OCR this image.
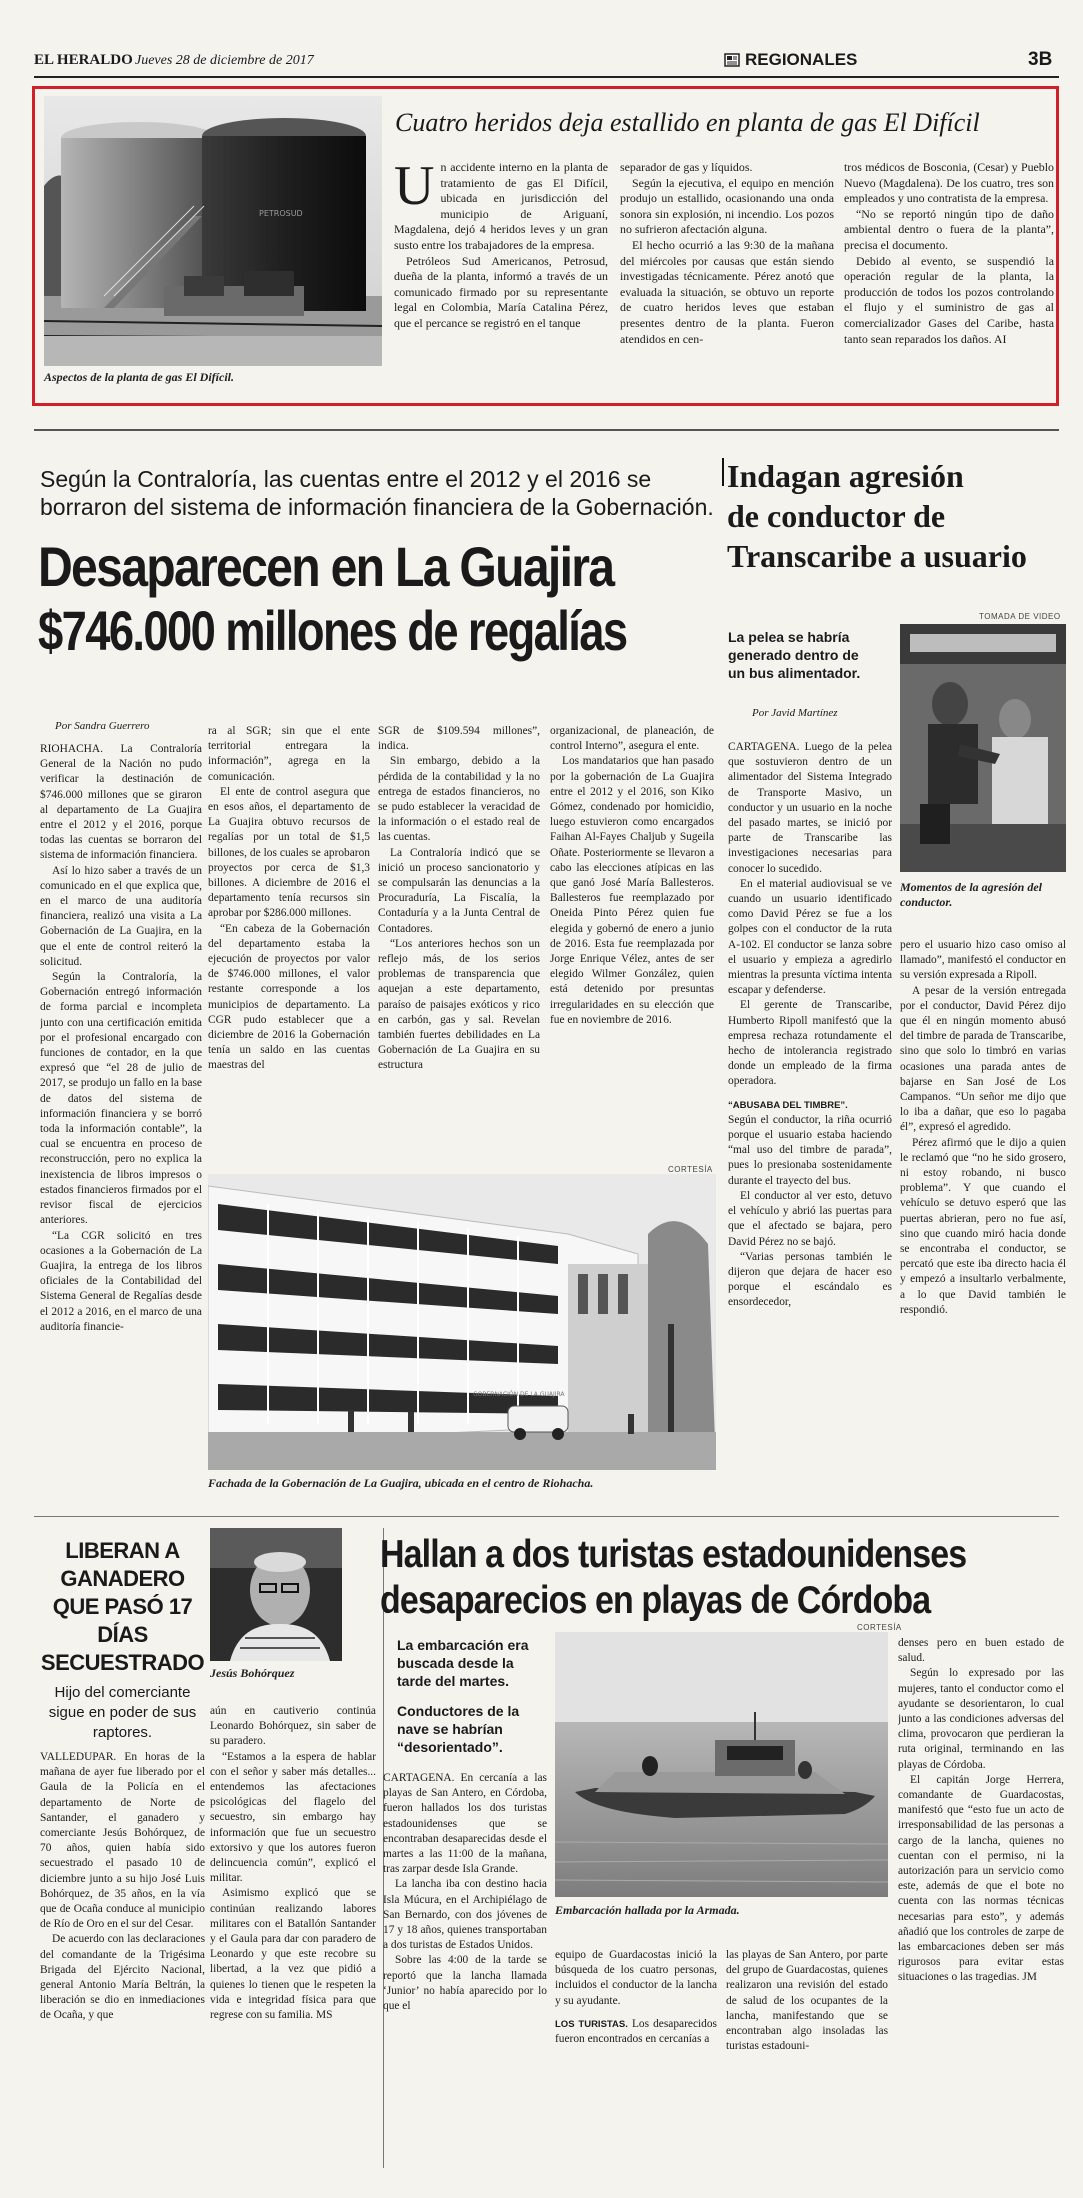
EL HERALDO Jueves 28 de diciembre de 2017	REGIONALES	3B
PETROSUD
Aspectos de la planta de gas El Difícil.
Cuatro heridos deja estallido en planta de gas El Difícil
U n accidente interno en la planta de tratamiento de gas El Difícil, ubicada en jurisdicción del municipio de Ariguaní, Magdalena, dejó 4 heridos leves y un gran susto entre los trabajadores de la empresa.

Petróleos Sud Americanos, Petrosud, dueña de la planta, informó a través de un comunicado firmado por su representante legal en Colombia, María Catalina Pérez, que el percance se registró en el tanque

separador de gas y líquidos.

Según la ejecutiva, el equipo en mención produjo un estallido, ocasionando una onda sonora sin explosión, ni incendio. Los pozos no sufrieron afectación alguna.

El hecho ocurrió a las 9:30 de la mañana del miércoles por causas que están siendo investigadas técnicamente. Pérez anotó que evaluada la situación, se obtuvo un reporte de cuatro heridos leves que estaban presentes dentro de la planta. Fueron atendidos en cen-

tros médicos de Bosconia, (Cesar) y Pueblo Nuevo (Magdalena). De los cuatro, tres son empleados y uno contratista de la empresa.

“No se reportó ningún tipo de daño ambiental dentro o fuera de la planta”, precisa el documento.

Debido al evento, se suspendió la operación regular de la planta, la producción de todos los pozos controlando el flujo y el suministro de gas al comercializador Gases del Caribe, hasta tanto sean reparados los daños. AI

Según la Contraloría, las cuentas entre el 2012 y el 2016 se borraron del sistema de información financiera de la Gobernación.
Desaparecen en La Guajira
$746.000 millones de regalías
Por Sandra Guerrero

RIOHACHA. La Contraloría General de la Nación no pudo verificar la destinación de $746.000 millones que se giraron al departamento de La Guajira entre el 2012 y el 2016, porque todas las cuentas se borraron del sistema de información financiera.

Así lo hizo saber a través de un comunicado en el que explica que, en el marco de una auditoría financiera, realizó una visita a La Gobernación de La Guajira, en la que el ente de control reiteró la solicitud.

Según la Contraloría, la Gobernación entregó información de forma parcial e incompleta junto con una certificación emitida por el profesional encargado con funciones de contador, en la que expresó que “el 28 de julio de 2017, se produjo un fallo en la base de datos del sistema de información financiera y se borró toda la información contable”, la cual se encuentra en proceso de reconstrucción, pero no explica la inexistencia de libros impresos o estados financieros firmados por el revisor fiscal de ejercicios anteriores.

“La CGR solicitó en tres ocasiones a la Gobernación de La Guajira, la entrega de los libros oficiales de la Contabilidad del Sistema General de Regalías desde el 2012 a 2016, en el marco de una auditoría financie-

ra al SGR; sin que el ente territorial entregara la información”, agrega en la comunicación.

El ente de control asegura que en esos años, el departamento de La Guajira obtuvo recursos de regalías por un total de $1,5 billones, de los cuales se aprobaron proyectos por cerca de $1,3 billones. A diciembre de 2016 el departamento tenía recursos sin aprobar por $286.000 millones.

“En cabeza de la Gobernación del departamento estaba la ejecución de proyectos por valor de $746.000 millones, el valor restante corresponde a los municipios de departamento. La CGR pudo establecer que a diciembre de 2016 la Gobernación tenía un saldo en las cuentas maestras del

SGR de $109.594 millones”, indica.

Sin embargo, debido a la pérdida de la contabilidad y la no entrega de estados financieros, no se pudo establecer la veracidad de la información o el estado real de las cuentas.

La Contraloría indicó que se inició un proceso sancionatorio y se compulsarán las denuncias a la Procuraduría, La Fiscalía, la Contaduría y a la Junta Central de Contadores.

“Los anteriores hechos son un reflejo más, de los serios problemas de transparencia que aquejan a este departamento, paraíso de paisajes exóticos y rico en carbón, gas y sal. Revelan también fuertes debilidades en La Gobernación de La Guajira en su estructura

organizacional, de planeación, de control Interno”, asegura el ente.

Los mandatarios que han pasado por la gobernación de La Guajira entre el 2012 y el 2016, son Kiko Gómez, condenado por homicidio, luego estuvieron como encargados Faihan Al-Fayes Chaljub y Sugeila Oñate. Posteriormente se llevaron a cabo las elecciones atípicas en las que ganó José María Ballesteros. Ballesteros fue reemplazado por Oneida Pinto Pérez quien fue elegida y gobernó de enero a junio de 2016. Esta fue reemplazada por Jorge Enrique Vélez, antes de ser elegido Wilmer González, quien está detenido por presuntas irregularidades en su elección que fue en noviembre de 2016.

CORTESÍA
GOBERNACIÓN DE LA GUAJIRA
Fachada de la Gobernación de La Guajira, ubicada en el centro de Riohacha.
Indagan agresión
de conductor de
Transcaribe a usuario
TOMADA DE VIDEO
La pelea se habría generado dentro de un bus alimentador.
Por Javid Martínez
Momentos de la agresión del conductor.

CARTAGENA. Luego de la pelea que sostuvieron dentro de un alimentador del Sistema Integrado de Transporte Masivo, un conductor y un usuario en la noche del pasado martes, se inició por parte de Transcaribe las investigaciones necesarias para conocer lo sucedido.

En el material audiovisual se ve cuando un usuario identificado como David Pérez se fue a los golpes con el conductor de la ruta A-102. El conductor se lanza sobre el usuario y empieza a agredirlo mientras la presunta víctima intenta escapar y defenderse.

El gerente de Transcaribe, Humberto Ripoll manifestó que la empresa rechaza rotundamente el hecho de intolerancia registrado donde un empleado de la firma operadora.

“ABUSABA DEL TIMBRE”.

Según el conductor, la riña ocurrió porque el usuario estaba haciendo “mal uso del timbre de parada”, pues lo presionaba sostenidamente durante el trayecto del bus.

El conductor al ver esto, detuvo el vehículo y abrió las puertas para que el afectado se bajara, pero David Pérez no se bajó.

“Varias personas también le dijeron que dejara de hacer eso porque el escándalo es ensordecedor,

pero el usuario hizo caso omiso al llamado”, manifestó el conductor en su versión expresada a Ripoll.

A pesar de la versión entregada por el conductor, David Pérez dijo que él en ningún momento abusó del timbre de parada de Transcaribe, sino que solo lo timbró en varias ocasiones una parada antes de bajarse en San José de Los Campanos. “Un señor me dijo que lo iba a dañar, que eso lo pagaba él”, expresó el agredido.

Pérez afirmó que le dijo a quien le reclamó que “no he sido grosero, ni estoy robando, ni busco problema”. Y que cuando el vehículo se detuvo esperó que las puertas abrieran, pero no fue así, sino que cuando miró hacia donde se encontraba el conductor, se percató que este iba directo hacia él y empezó a insultarlo verbalmente, a lo que David también le respondió.

LIBERAN A GANADERO QUE PASÓ 17 DÍAS SECUESTRADO
Hijo del comerciante sigue en poder de sus raptores.
Jesús Bohórquez

VALLEDUPAR. En horas de la mañana de ayer fue liberado por el Gaula de la Policía en el departamento de Norte de Santander, el ganadero y comerciante Jesús Bohórquez, de 70 años, quien había sido secuestrado el pasado 10 de diciembre junto a su hijo José Luis Bohórquez, de 35 años, en la vía que de Ocaña conduce al municipio de Río de Oro en el sur del Cesar.

De acuerdo con las declaraciones del comandante de la Trigésima Brigada del Ejército Nacional, general Antonio María Beltrán, la liberación se dio en inmediaciones de Ocaña, y que

aún en cautiverio continúa Leonardo Bohórquez, sin saber de su paradero.

“Estamos a la espera de hablar con el señor y saber más detalles... entendemos las afectaciones psicológicas del flagelo del secuestro, sin embargo hay información que fue un secuestro extorsivo y que los autores fueron delincuencia común”, explicó el militar.

Asimismo explicó que se continúan realizando labores militares con el Batallón Santander y el Gaula para dar con paradero de Leonardo y que este recobre su libertad, a la vez que pidió a quienes lo tienen que le respeten la vida e integridad física para que regrese con su familia. MS

Hallan a dos turistas estadounidenses
desaparecios en playas de Córdoba
La embarcación era buscada desde la tarde del martes.
Conductores de la nave se habrían “desorientado”.
CORTESÍA
Embarcación hallada por la Armada.

CARTAGENA. En cercanía a las playas de San Antero, en Córdoba, fueron hallados los dos turistas estadounidenses que se encontraban desaparecidas desde el martes a las 11:00 de la mañana, tras zarpar desde Isla Grande.

La lancha iba con destino hacia Isla Múcura, en el Archipiélago de San Bernardo, con dos jóvenes de 17 y 18 años, quienes transportaban a dos turistas de Estados Unidos.

Sobre las 4:00 de la tarde se reportó que la lancha llamada ‘Junior’ no había aparecido por lo que el

equipo de Guardacostas inició la búsqueda de los cuatro personas, incluidos el conductor de la lancha y su ayudante.

LOS TURISTAS. Los desaparecidos fueron encontrados en cercanías a

las playas de San Antero, por parte del grupo de Guardacostas, quienes realizaron una revisión del estado de salud de los ocupantes de la lancha, manifestando que se encontraban algo insoladas las turistas estadouni-

denses pero en buen estado de salud.

Según lo expresado por las mujeres, tanto el conductor como el ayudante se desorientaron, lo cual junto a las condiciones adversas del clima, provocaron que perdieran la ruta original, terminando en las playas de Córdoba.

El capitán Jorge Herrera, comandante de Guardacostas, manifestó que “esto fue un acto de irresponsabilidad de las personas a cargo de la lancha, quienes no cuentan con el permiso, ni la autorización para un servicio como este, además de que el bote no cuenta con las normas técnicas necesarias para esto”, y además añadió que los controles de zarpe de las embarcaciones deben ser más rigurosos para evitar estas situaciones o las tragedias. JM
